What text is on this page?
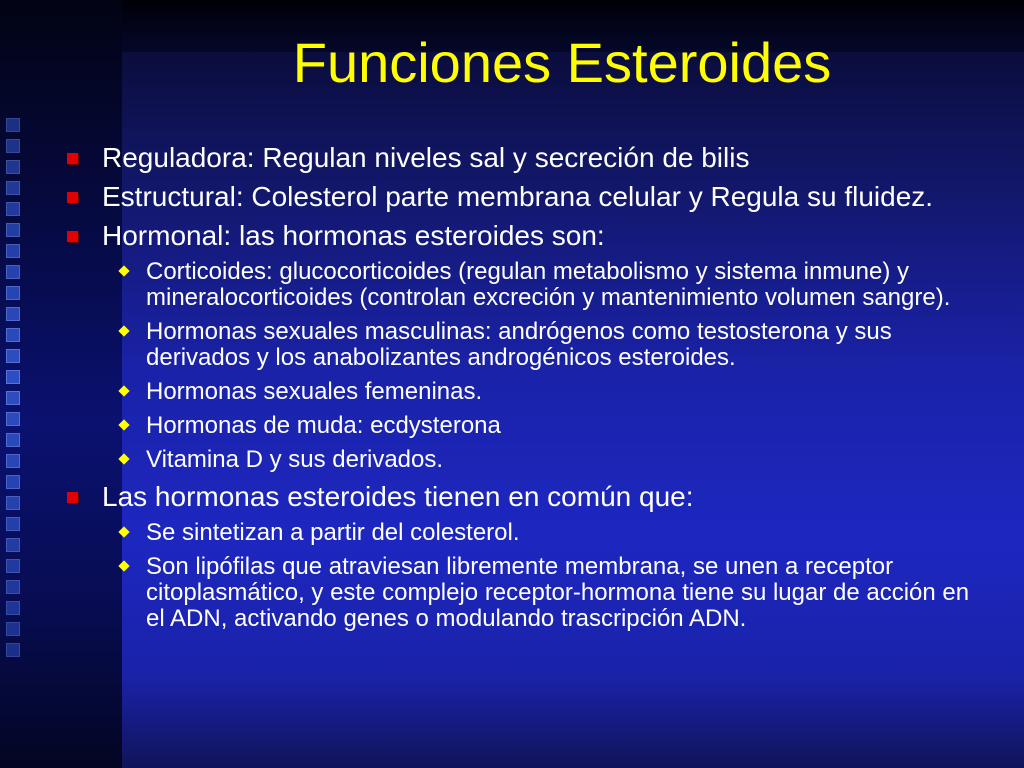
Funciones Esteroides
Reguladora: Regulan niveles sal y secreción de bilis
Estructural: Colesterol parte membrana celular y Regula su fluidez.
Hormonal: las hormonas esteroides son:
Corticoides: glucocorticoides (regulan metabolismo y sistema inmune) y mineralocorticoides (controlan excreción y mantenimiento volumen sangre).
Hormonas sexuales masculinas: andrógenos como testosterona y sus derivados y los anabolizantes androgénicos esteroides.
Hormonas sexuales femeninas.
Hormonas de muda: ecdysterona
Vitamina D y sus derivados.
Las hormonas esteroides tienen en común que:
Se sintetizan a partir del colesterol.
Son lipófilas que atraviesan libremente membrana, se unen a receptor citoplasmático, y este complejo receptor-hormona tiene su lugar de acción en el ADN, activando genes o modulando trascripción ADN.
